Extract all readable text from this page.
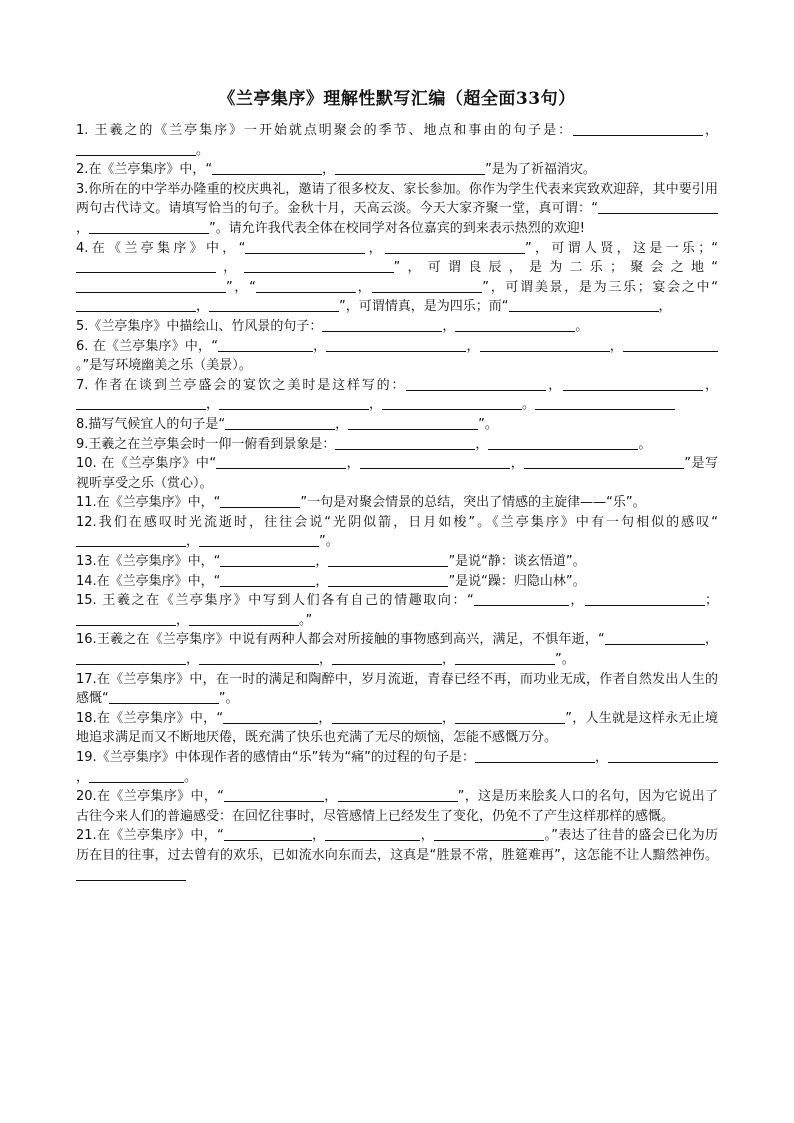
《兰亭集序》理解性默写汇编（超全面33句）
1. 王羲之的《兰亭集序》一开始就点明聚会的季节、地点和事由的句子是：	，。
2.在《兰亭集序》中，“	，	”是为了祈福消灾。
3.你所在的中学举办隆重的校庆典礼，邀请了很多校友、家长参加。你作为学生代表来宾致欢迎辞，其中要引用两句古代诗文。请填写恰当的句子。金秋十月，天高云淡。今天大家齐聚一堂，真可谓：“，	”。请允许我代表全体在校同学对各位嘉宾的到来表示热烈的欢迎!
4.在《兰亭集序》中，“	，	”，可谓人贤，这是一乐；“，	”，可谓良辰，是为二乐；聚会之地“”，“	，	”，可谓美景，是为三乐；宴会之中“，	”，可谓情真，是为四乐；而“	，
5.《兰亭集序》中描绘山、竹风景的句子：	，	。
6. 在《兰亭集序》中，“	，	，	，。”是写环境幽美之乐（美景）。
7. 作者在谈到兰亭盛会的宴饮之美时是这样写的：	，	，，	，	。
8.描写气候宜人的句子是“	，	”。
9.王羲之在兰亭集会时一仰一俯看到景象是：	，	。
10. 在《兰亭集序》中“	，	，	”是写视听享受之乐（赏心）。
11.在《兰亭集序》中，“	”一句是对聚会情景的总结，突出了情感的主旋律——“乐”。
12.我们在感叹时光流逝时，往往会说“光阴似箭，日月如梭”。《兰亭集序》中有一句相似的感叹“，	”。
13.在《兰亭集序》中，“	，	”是说“静：谈玄悟道”。
14.在《兰亭集序》中，“	，	”是说“躁：归隐山林”。
15. 王羲之在《兰亭集序》中写到人们各有自己的情趣取向：“	，	；，	。”
16.王羲之在《兰亭集序》中说有两种人都会对所接触的事物感到高兴，满足，不惧年逝，“	，，	，	，	”。
17.在《兰亭集序》中，在一时的满足和陶醉中，岁月流逝，青春已经不再，而功业无成，作者自然发出人生的感慨“	”。
18.在《兰亭集序》中，“	，	，	”，人生就是这样永无止境地追求满足而又不断地厌倦，既充满了快乐也充满了无尽的烦恼，怎能不感慨万分。
19.《兰亭集序》中体现作者的感情由“乐”转为“痛”的过程的句子是：	，，	。
20.在《兰亭集序》中，“	，	”，这是历来脍炙人口的名句，因为它说出了古往今来人们的普遍感受：在回忆往事时，尽管感情上已经发生了变化，仍免不了产生这样那样的感慨。
21.在《兰亭集序》中，“	，	，	。”表达了往昔的盛会已化为历历在目的往事，过去曾有的欢乐，已如流水向东而去，这真是“胜景不常，胜筵难再”，这怎能不让人黯然神伤。
